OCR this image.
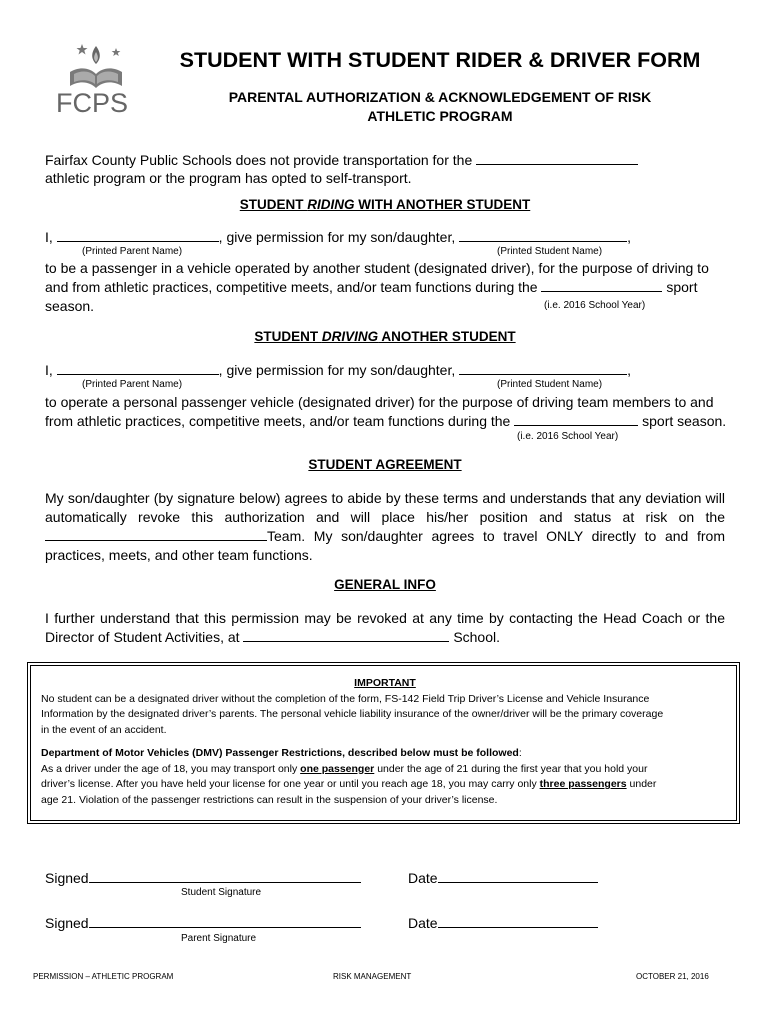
FCPS
STUDENT WITH STUDENT RIDER & DRIVER FORM
PARENTAL AUTHORIZATION & ACKNOWLEDGEMENT OF RISK
ATHLETIC PROGRAM
Fairfax County Public Schools does not provide transportation for the
athletic program or the program has opted to self-transport.
STUDENT RIDING WITH ANOTHER STUDENT
I,	, give permission for my son/daughter,	,
(Printed Parent Name)	(Printed Student Name)
to be a passenger in a vehicle operated by another student (designated driver), for the purpose of driving to
and from athletic practices, competitive meets, and/or team functions during the	sport
season.	(i.e. 2016 School Year)
STUDENT DRIVING ANOTHER STUDENT
I,	, give permission for my son/daughter,	,
(Printed Parent Name)	(Printed Student Name)
to operate a personal passenger vehicle (designated driver) for the purpose of driving team members to and
from athletic practices, competitive meets, and/or team functions during the	sport season.
(i.e. 2016 School Year)
STUDENT AGREEMENT
My son/daughter (by signature below) agrees to abide by these terms and understands that any deviation will
automatically revoke this authorization and will place his/her position and status at risk on the
Team. My son/daughter agrees to travel ONLY directly to and from
practices, meets, and other team functions.
GENERAL INFO
I further understand that this permission may be revoked at any time by contacting the Head Coach or the
Director of Student Activities, at	School.
IMPORTANT
No student can be a designated driver without the completion of the form, FS-142 Field Trip Driver’s License and Vehicle Insurance
Information by the designated driver’s parents. The personal vehicle liability insurance of the owner/driver will be the primary coverage
in the event of an accident.
Department of Motor Vehicles (DMV) Passenger Restrictions, described below must be followed:
As a driver under the age of 18, you may transport only one passenger under the age of 21 during the first year that you hold your
driver’s license. After you have held your license for one year or until you reach age 18, you may carry only three passengers under
age 21. Violation of the passenger restrictions can result in the suspension of your driver’s license.
Signed	Date
Student Signature
Signed	Date
Parent Signature
PERMISSION – ATHLETIC PROGRAM	RISK MANAGEMENT	OCTOBER 21, 2016
